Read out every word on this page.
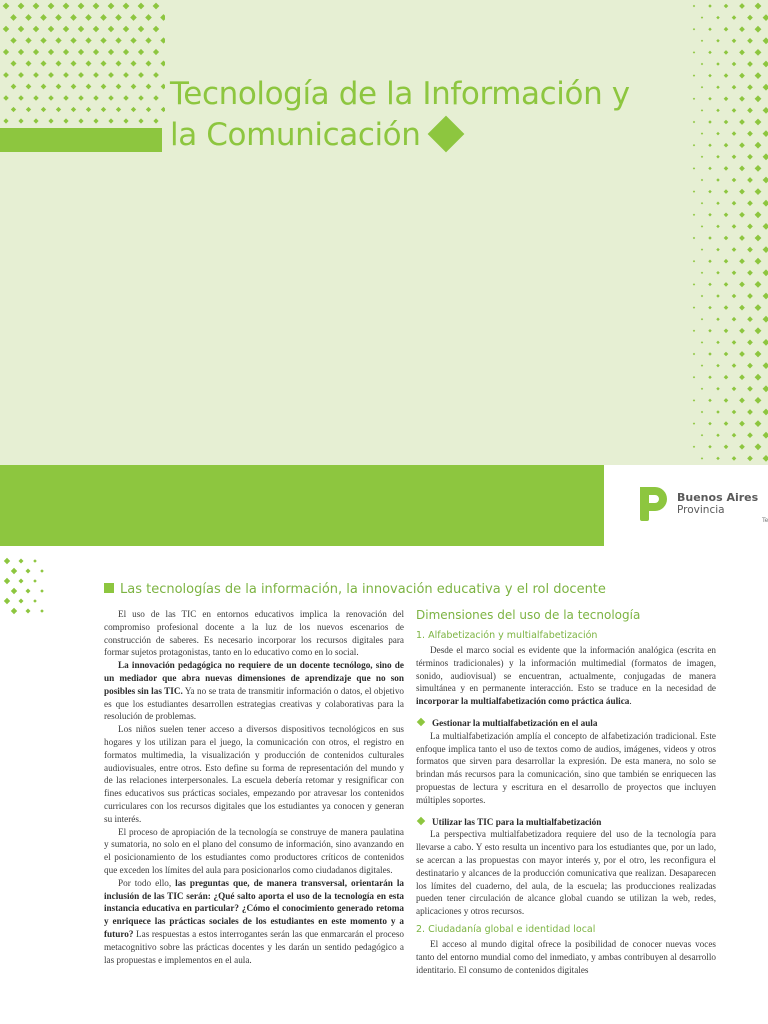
Tecnología de la Información y
la Comunicación
Buenos Aires
Provincia
Te
Las tecnologías de la información, la innovación educativa y el rol docente

El uso de las TIC en entornos educativos implica la renovación del compromiso profesional docente a la luz de los nuevos escenarios de construcción de saberes. Es necesario incorporar los recursos digitales para formar sujetos protagonistas, tanto en lo educativo como en lo social.

La innovación pedagógica no requiere de un docente tecnólogo, sino de un mediador que abra nuevas dimensiones de aprendizaje que no son posibles sin las TIC. Ya no se trata de transmitir información o datos, el objetivo es que los estudiantes desarrollen estrategias creativas y colaborativas para la resolución de problemas.

Los niños suelen tener acceso a diversos dispositivos tecnológicos en sus hogares y los utilizan para el juego, la comunicación con otros, el registro en formatos multimedia, la visualización y producción de contenidos culturales audiovisuales, entre otros. Esto define su forma de representación del mundo y de las relaciones interpersonales. La escuela debería retomar y resignificar con fines educativos sus prácticas sociales, empezando por atravesar los contenidos curriculares con los recursos digitales que los estudiantes ya conocen y generan su interés.

El proceso de apropiación de la tecnología se construye de manera paulatina y sumatoria, no solo en el plano del consumo de información, sino avanzando en el posicionamiento de los estudiantes como productores críticos de contenidos que exceden los límites del aula para posicionarlos como ciudadanos digitales.

Por todo ello, las preguntas que, de manera transversal, orientarán la inclusión de las TIC serán: ¿Qué salto aporta el uso de la tecnología en esta instancia educativa en particular? ¿Cómo el conocimiento generado retoma y enriquece las prácticas sociales de los estudiantes en este momento y a futuro? Las respuestas a estos interrogantes serán las que enmarcarán el proceso metacognitivo sobre las prácticas docentes y les darán un sentido pedagógico a las propuestas e implementos en el aula.

Dimensiones del uso de la tecnología
1. Alfabetización y multialfabetización

Desde el marco social es evidente que la información analógica (escrita en términos tradicionales) y la información multimedial (formatos de imagen, sonido, audiovisual) se encuentran, actualmente, conjugadas de manera simultánea y en permanente interacción. Esto se traduce en la necesidad de incorporar la multialfabetización como práctica áulica.

Gestionar la multialfabetización en el aula

La multialfabetización amplía el concepto de alfabetización tradicional. Este enfoque implica tanto el uso de textos como de audios, imágenes, videos y otros formatos que sirven para desarrollar la expresión. De esta manera, no solo se brindan más recursos para la comunicación, sino que también se enriquecen las propuestas de lectura y escritura en el desarrollo de proyectos que incluyen múltiples soportes.

Utilizar las TIC para la multialfabetización

La perspectiva multialfabetizadora requiere del uso de la tecnología para llevarse a cabo. Y esto resulta un incentivo para los estudiantes que, por un lado, se acercan a las propuestas con mayor interés y, por el otro, les reconfigura el destinatario y alcances de la producción comunicativa que realizan. Desaparecen los límites del cuaderno, del aula, de la escuela; las producciones realizadas pueden tener circulación de alcance global cuando se utilizan la web, redes, aplicaciones y otros recursos.

2. Ciudadanía global e identidad local

El acceso al mundo digital ofrece la posibilidad de conocer nuevas voces tanto del entorno mundial como del inmediato, y ambas contribuyen al desarrollo identitario. El consumo de contenidos digitales
